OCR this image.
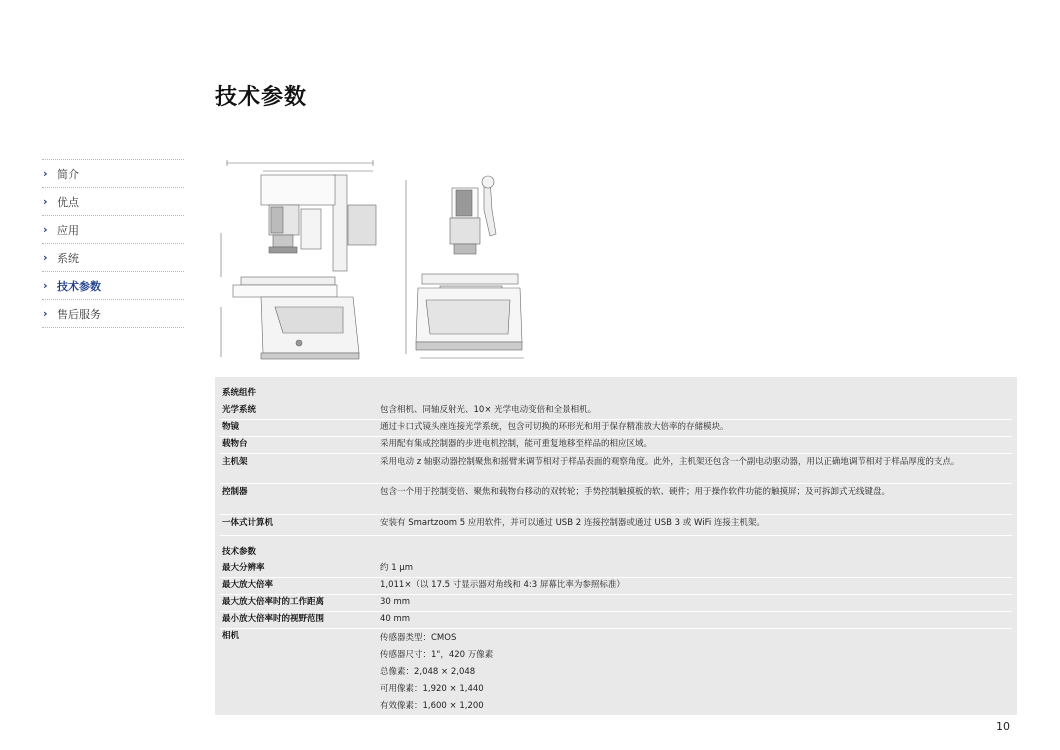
技术参数
› 简介
› 优点
› 应用
› 系统
› 技术参数
› 售后服务
系统组件
光学系统	包含相机、同轴反射光、10× 光学电动变倍和全景相机。
物镜	通过卡口式镜头座连接光学系统，包含可切换的环形光和用于保存精准放大倍率的存储模块。
载物台	采用配有集成控制器的步进电机控制，能可重复地移至样品的相应区域。
主机架	采用电动 z 轴驱动器控制聚焦和摇臂来调节相对于样品表面的观察角度。此外，主机架还包含一个副电动驱动器，用以正确地调节相对于样品厚度的支点。
控制器	包含一个用于控制变倍、聚焦和载物台移动的双转轮；手势控制触摸板的软、硬件；用于操作软件功能的触摸屏；及可拆卸式无线键盘。
一体式计算机	安装有 Smartzoom 5 应用软件，并可以通过 USB 2 连接控制器或通过 USB 3 或 WiFi 连接主机架。
技术参数
最大分辨率	约 1 μm
最大放大倍率	1,011×（以 17.5 寸显示器对角线和 4:3 屏幕比率为参照标准）
最大放大倍率时的工作距离	30 mm
最小放大倍率时的视野范围	40 mm
相机	传感器类型：CMOS
传感器尺寸：1"，420 万像素
总像素：2,048 × 2,048
可用像素：1,920 × 1,440
有效像素：1,600 × 1,200
10
